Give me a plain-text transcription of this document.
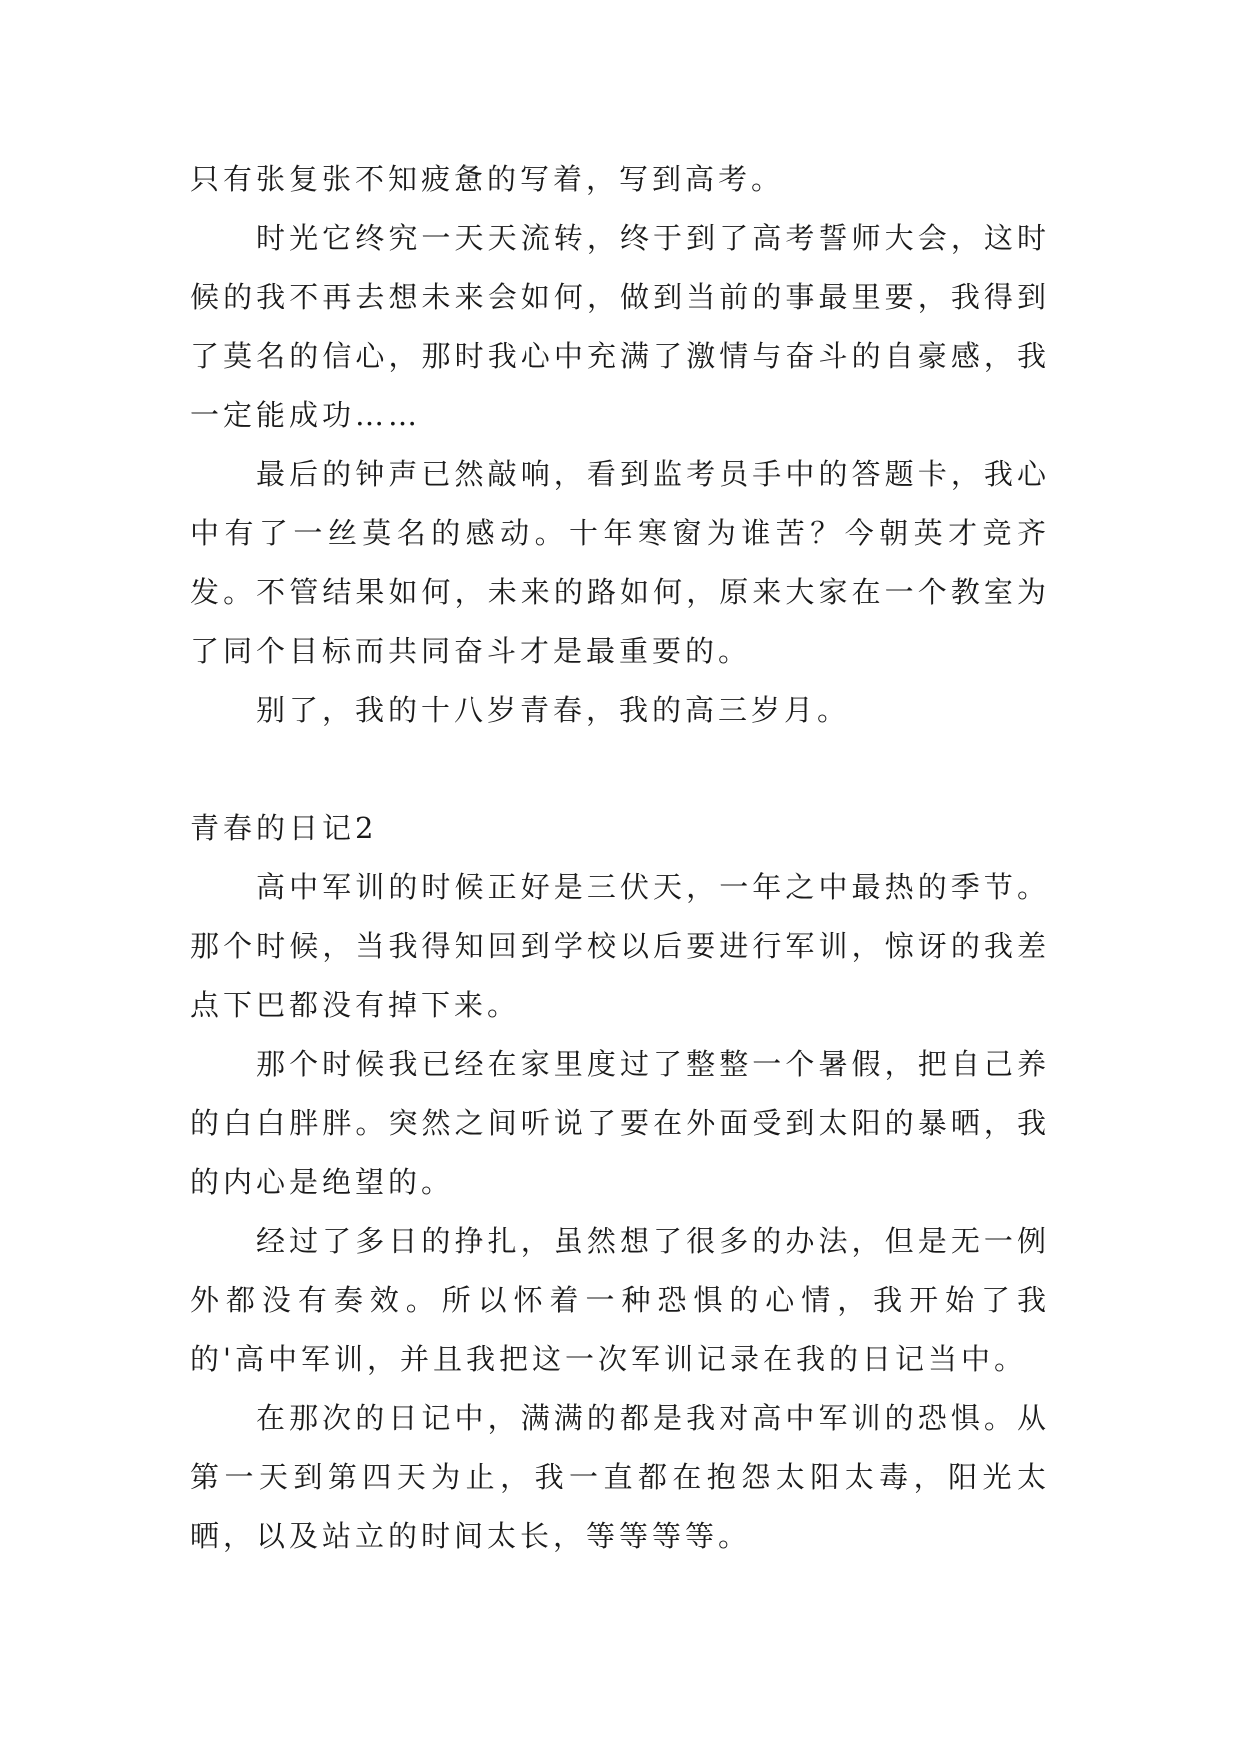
只有张复张不知疲惫的写着，写到高考。

时光它终究一天天流转，终于到了高考誓师大会，这时候的我不再去想未来会如何，做到当前的事最里要，我得到了莫名的信心，那时我心中充满了激情与奋斗的自豪感，我一定能成功……

最后的钟声已然敲响，看到监考员手中的答题卡，我心中有了一丝莫名的感动。十年寒窗为谁苦？今朝英才竞齐发。不管结果如何，未来的路如何，原来大家在一个教室为了同个目标而共同奋斗才是最重要的。

别了，我的十八岁青春，我的高三岁月。

青春的日记2

高中军训的时候正好是三伏天，一年之中最热的季节。那个时候，当我得知回到学校以后要进行军训，惊讶的我差点下巴都没有掉下来。

那个时候我已经在家里度过了整整一个暑假，把自己养的白白胖胖。突然之间听说了要在外面受到太阳的暴晒，我的内心是绝望的。

经过了多日的挣扎，虽然想了很多的办法，但是无一例外都没有奏效。所以怀着一种恐惧的心情，我开始了我的'高中军训，并且我把这一次军训记录在我的日记当中。

在那次的日记中，满满的都是我对高中军训的恐惧。从第一天到第四天为止，我一直都在抱怨太阳太毒，阳光太晒，以及站立的时间太长，等等等等。
